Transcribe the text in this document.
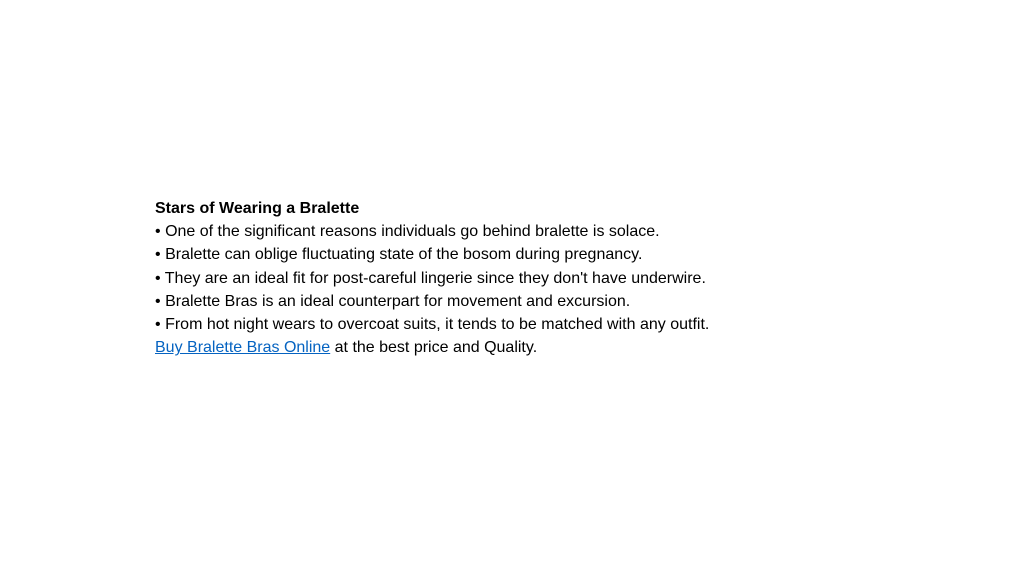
Stars of Wearing a Bralette

• One of the significant reasons individuals go behind bralette is solace.
• Bralette can oblige fluctuating state of the bosom during pregnancy.
• They are an ideal fit for post-careful lingerie since they don't have underwire.
• Bralette Bras is an ideal counterpart for movement and excursion.
• From hot night wears to overcoat suits, it tends to be matched with any outfit.
Buy Bralette Bras Online at the best price and Quality.
